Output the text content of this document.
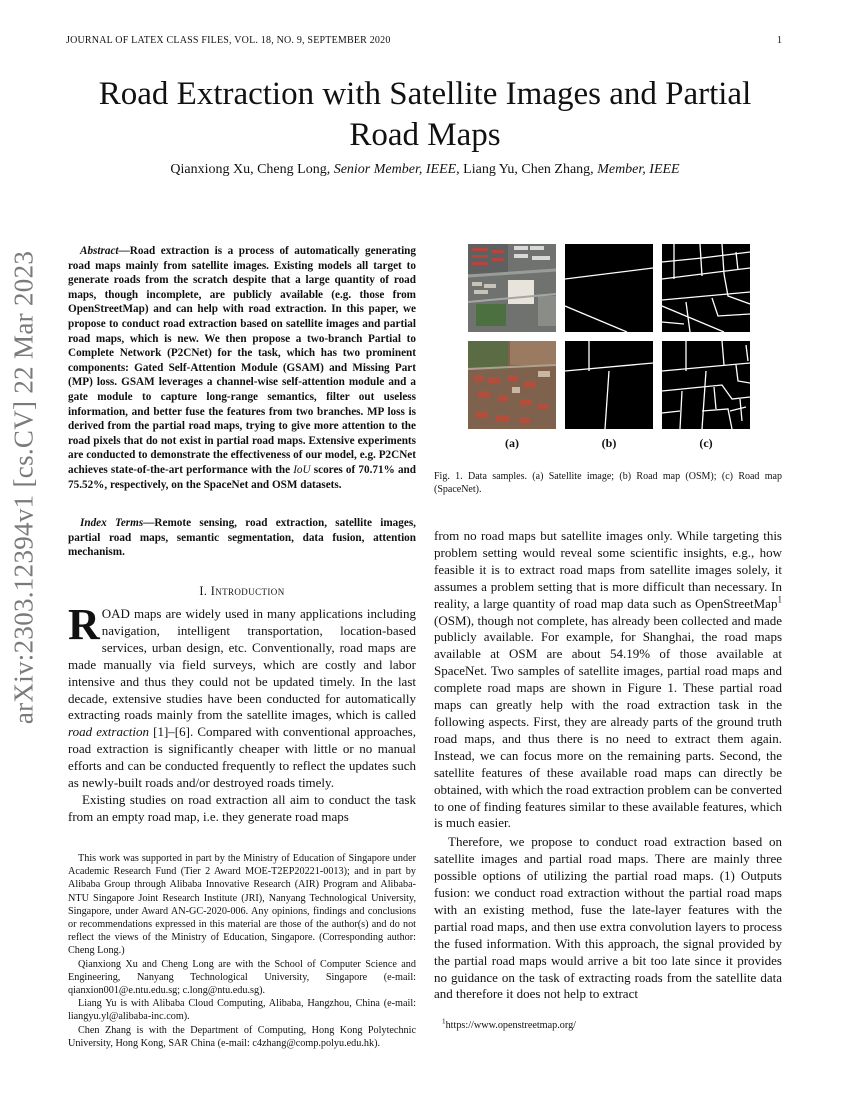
JOURNAL OF LATEX CLASS FILES, VOL. 18, NO. 9, SEPTEMBER 2020	1
Road Extraction with Satellite Images and Partial Road Maps
Qianxiong Xu, Cheng Long, Senior Member, IEEE, Liang Yu, Chen Zhang, Member, IEEE
arXiv:2303.12394v1 [cs.CV] 22 Mar 2023	Abstract—Road extraction is a process of automatically generating road maps mainly from satellite images. Existing models all target to generate roads from the scratch despite that a large quantity of road maps, though incomplete, are publicly available (e.g. those from OpenStreetMap) and can help with road extraction. In this paper, we propose to conduct road extraction based on satellite images and partial road maps, which is new. We then propose a two-branch Partial to Complete Network (P2CNet) for the task, which has two prominent components: Gated Self-Attention Module (GSAM) and Missing Part (MP) loss. GSAM leverages a channel-wise self-attention module and a gate module to capture long-range semantics, filter out useless information, and better fuse the features from two branches. MP loss is derived from the partial road maps, trying to give more attention to the road pixels that do not exist in partial road maps. Extensive experiments are conducted to demonstrate the effectiveness of our model, e.g. P2CNet achieves state-of-the-art performance with the IoU scores of 70.71% and 75.52%, respectively, on the SpaceNet and OSM datasets.
Index Terms—Remote sensing, road extraction, satellite images, partial road maps, semantic segmentation, data fusion, attention mechanism.
I. Introduction

ROAD maps are widely used in many applications including navigation, intelligent transportation, location-based services, urban design, etc. Conventionally, road maps are made manually via field surveys, which are costly and labor intensive and thus they could not be updated timely. In the last decade, extensive studies have been conducted for automatically extracting roads mainly from the satellite images, which is called road extraction [1]–[6]. Compared with conventional approaches, road extraction is significantly cheaper with little or no manual efforts and can be conducted frequently to reflect the updates such as newly-built roads and/or destroyed roads timely.

Existing studies on road extraction all aim to conduct the task from an empty road map, i.e. they generate road maps

This work was supported in part by the Ministry of Education of Singapore under Academic Research Fund (Tier 2 Award MOE-T2EP20221-0013); and in part by Alibaba Group through Alibaba Innovative Research (AIR) Program and Alibaba-NTU Singapore Joint Research Institute (JRI), Nanyang Technological University, Singapore, under Award AN-GC-2020-006. Any opinions, findings and conclusions or recommendations expressed in this material are those of the author(s) and do not reflect the views of the Ministry of Education, Singapore. (Corresponding author: Cheng Long.)

Qianxiong Xu and Cheng Long are with the School of Computer Science and Engineering, Nanyang Technological University, Singapore (e-mail: qianxion001@e.ntu.edu.sg; c.long@ntu.edu.sg).

Liang Yu is with Alibaba Cloud Computing, Alibaba, Hangzhou, China (e-mail: liangyu.yl@alibaba-inc.com).

Chen Zhang is with the Department of Computing, Hong Kong Polytechnic University, Hong Kong, SAR China (e-mail: c4zhang@comp.polyu.edu.hk).

(a)	(b)	(c)
Fig. 1. Data samples. (a) Satellite image; (b) Road map (OSM); (c) Road map (SpaceNet).

from no road maps but satellite images only. While targeting this problem setting would reveal some scientific insights, e.g., how feasible it is to extract road maps from satellite images solely, it assumes a problem setting that is more difficult than necessary. In reality, a large quantity of road map data such as OpenStreetMap$^1$ (OSM), though not complete, has already been collected and made publicly available. For example, for Shanghai, the road maps available at OSM are about 54.19% of those available at SpaceNet. Two samples of satellite images, partial road maps and complete road maps are shown in Figure 1. These partial road maps can greatly help with the road extraction task in the following aspects. First, they are already parts of the ground truth road maps, and thus there is no need to extract them again. Instead, we can focus more on the remaining parts. Second, the satellite features of these available road maps can directly be obtained, with which the road extraction problem can be converted to one of finding features similar to these available features, which is much easier.

Therefore, we propose to conduct road extraction based on satellite images and partial road maps. There are mainly three possible options of utilizing the partial road maps. (1) Outputs fusion: we conduct road extraction without the partial road maps with an existing method, fuse the late-layer features with the partial road maps, and then use extra convolution layers to process the fused information. With this approach, the signal provided by the partial road maps would arrive a bit too late since it provides no guidance on the task of extracting roads from the satellite data and therefore it does not help to extract

$^1$https://www.openstreetmap.org/
